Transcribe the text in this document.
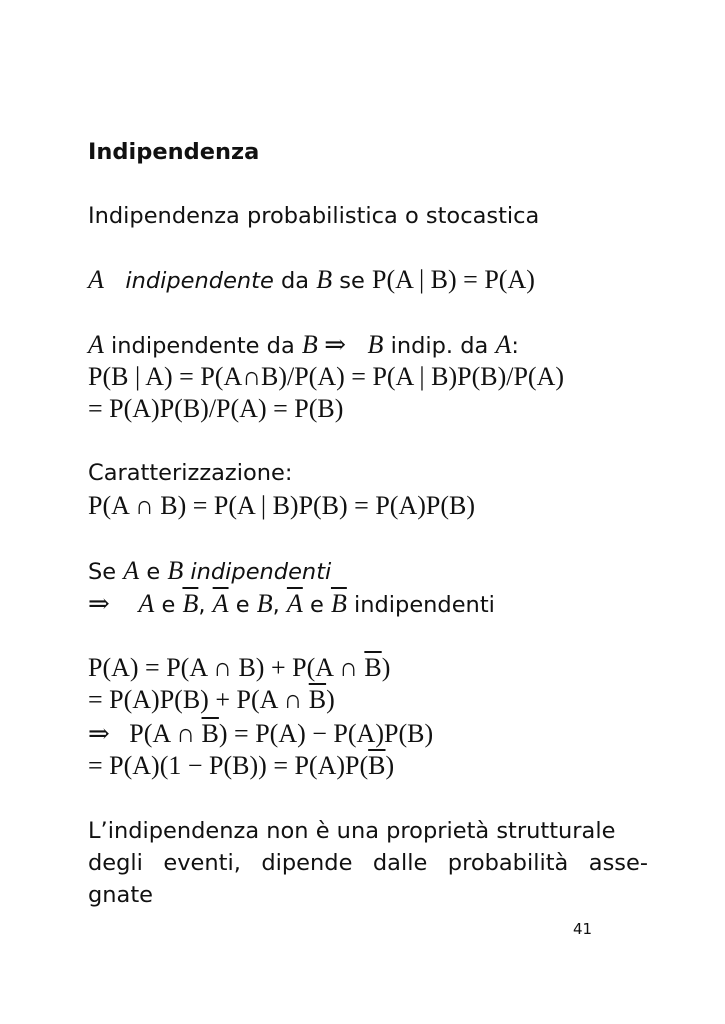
Indipendenza
Indipendenza probabilistica o stocastica
A indipendente da B se P(A | B) = P(A)
A indipendente da B ⇒ B indip. da A:
P(B | A) = P(A∩B)/P(A) = P(A | B)P(B)/P(A)
= P(A)P(B)/P(A) = P(B)
Caratterizzazione:
P(A ∩ B) = P(A | B)P(B) = P(A)P(B)
Se A e B indipendenti
⇒ A e $\overline{B}$, $\overline{A}$ e B, $\overline{A}$ e $\overline{B}$ indipendenti
P(A) = P(A ∩ B) + P(A ∩ $\overline{B}$)
= P(A)P(B) + P(A ∩ $\overline{B}$)
⇒ P(A ∩ $\overline{B}) = P(A) - P(A)P(B)$
= $P(A)(1 - P(B)) = P(A)P(\overline{B})$
L’indipendenza non è una proprietà strutturale
degli eventi, dipende dalle probabilità asse-
gnate
41
